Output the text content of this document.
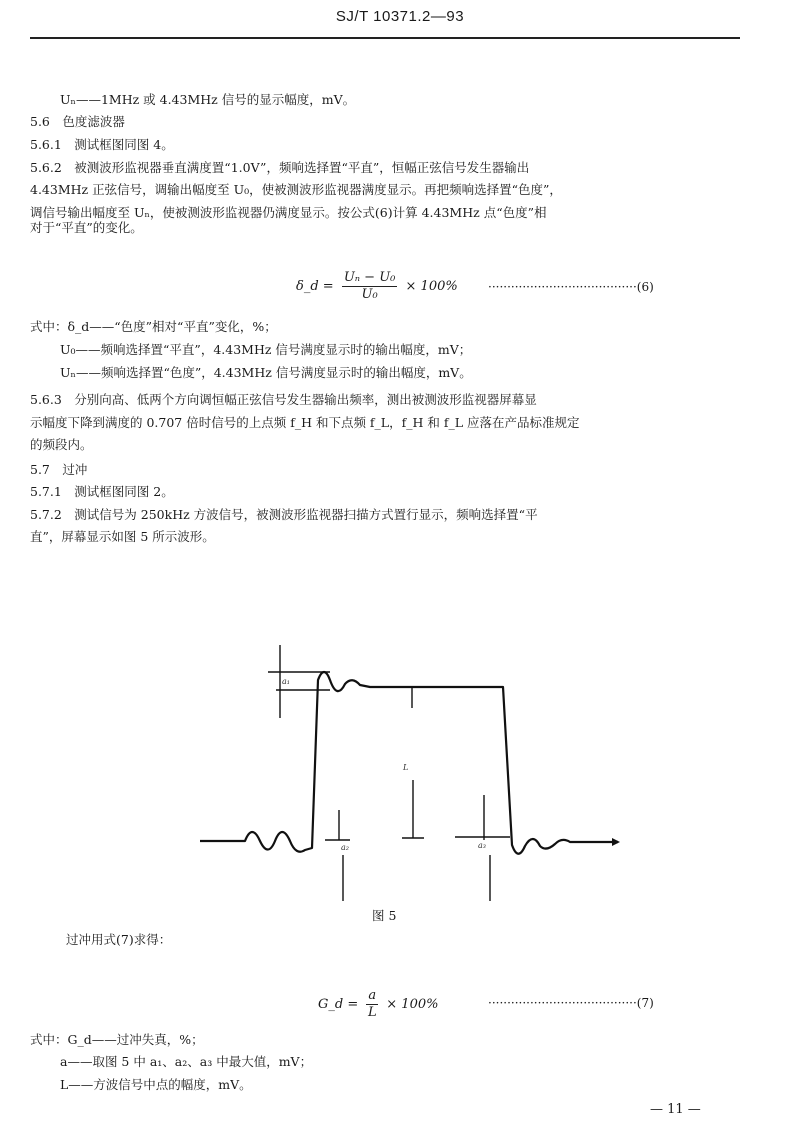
SJ/T 10371.2—93
Uₙ——1MHz 或 4.43MHz 信号的显示幅度，mV。
5.6　色度滤波器
5.6.1　测试框图同图 4。
5.6.2　被测波形监视器垂直满度置“1.0V”，频响选择置“平直”，恒幅正弦信号发生器输出
4.43MHz 正弦信号，调输出幅度至 U₀，使被测波形监视器满度显示。再把频响选择置“色度”，
调信号输出幅度至 Uₙ，使被测波形监视器仍满度显示。按公式(6)计算 4.43MHz 点“色度”相
对于“平直”的变化。
δ_d = $\frac{\text{Uₙ − U₀}}{\text{U₀}} \times 100\%$	·······································(6)
式中：δ_d——“色度”相对“平直”变化，%；
U₀——频响选择置“平直”，4.43MHz 信号满度显示时的输出幅度，mV；
Uₙ——频响选择置“色度”，4.43MHz 信号满度显示时的输出幅度，mV。
5.6.3　分别向高、低两个方向调恒幅正弦信号发生器输出频率，测出被测波形监视器屏幕显
示幅度下降到满度的 0.707 倍时信号的上点频 f_H 和下点频 f_L，f_H 和 f_L 应落在产品标准规定
的频段内。
5.7　过冲
5.7.1　测试框图同图 2。
5.7.2　测试信号为 250kHz 方波信号，被测波形监视器扫描方式置行显示，频响选择置“平
直”，屏幕显示如图 5 所示波形。
a₁
a₂	a₃
L
图 5
过冲用式(7)求得：
G_d = $\frac{a}{L} \times 100\%$	·······································(7)
式中：G_d——过冲失真，%；
a——取图 5 中 a₁、a₂、a₃ 中最大值，mV；
L——方波信号中点的幅度，mV。
— 11 —
